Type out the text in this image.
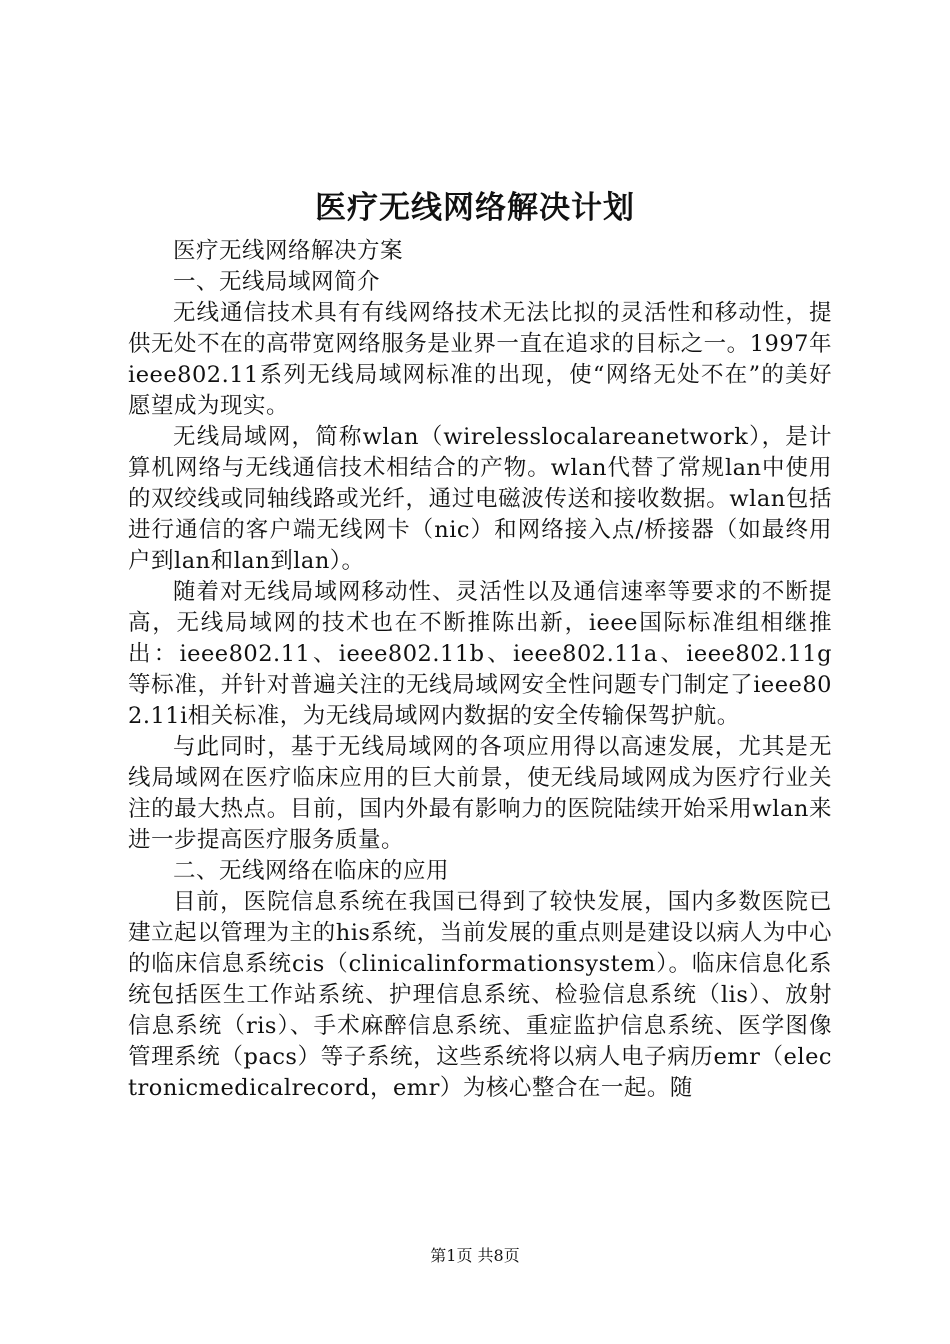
医疗无线网络解决计划

医疗无线网络解决方案

一、无线局域网简介

无线通信技术具有有线网络技术无法比拟的灵活性和移动性，提供无处不在的高带宽网络服务是业界一直在追求的目标之一。1997年ieee802.11系列无线局域网标准的出现，使“网络无处不在”的美好愿望成为现实。

无线局域网，简称wlan（wirelesslocalareanetwork），是计算机网络与无线通信技术相结合的产物。wlan代替了常规lan中使用的双绞线或同轴线路或光纤，通过电磁波传送和接收数据。wlan包括进行通信的客户端无线网卡（nic）和网络接入点/桥接器（如最终用户到lan和lan到lan）。

随着对无线局域网移动性、灵活性以及通信速率等要求的不断提高，无线局域网的技术也在不断推陈出新，ieee国际标准组相继推出：ieee802.11、ieee802.11b、ieee802.11a、ieee802.11g等标准，并针对普遍关注的无线局域网安全性问题专门制定了ieee802.11i相关标准，为无线局域网内数据的安全传输保驾护航。

与此同时，基于无线局域网的各项应用得以高速发展，尤其是无线局域网在医疗临床应用的巨大前景，使无线局域网成为医疗行业关注的最大热点。目前，国内外最有影响力的医院陆续开始采用wlan来进一步提高医疗服务质量。

二、无线网络在临床的应用

目前，医院信息系统在我国已得到了较快发展，国内多数医院已建立起以管理为主的his系统，当前发展的重点则是建设以病人为中心的临床信息系统cis（clinicalinformationsystem）。临床信息化系统包括医生工作站系统、护理信息系统、检验信息系统（lis）、放射信息系统（ris）、手术麻醉信息系统、重症监护信息系统、医学图像管理系统（pacs）等子系统，这些系统将以病人电子病历emr（electronicmedicalrecord，emr）为核心整合在一起。随

第1页 共8页
